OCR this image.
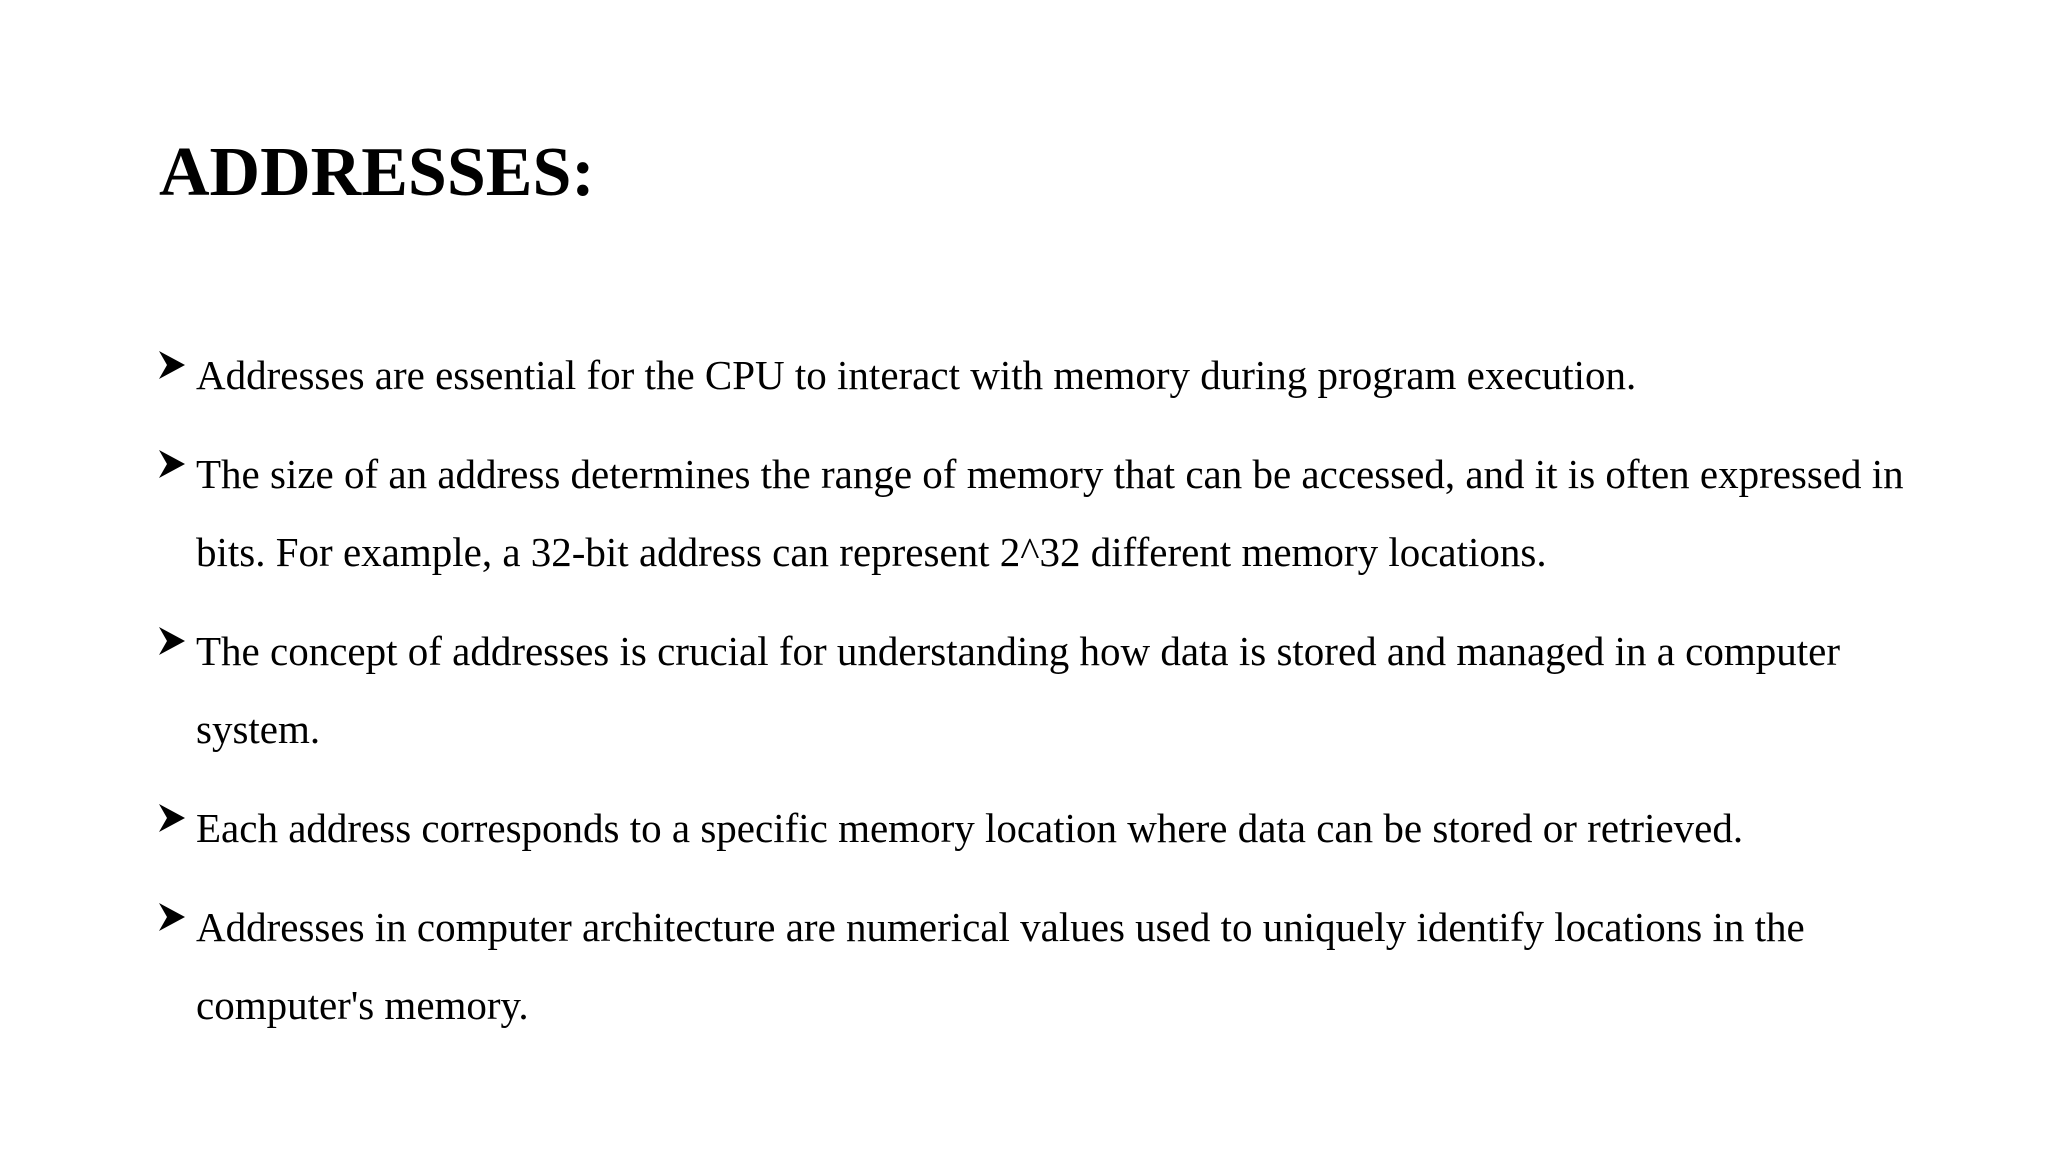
ADDRESSES:
Addresses are essential for the CPU to interact with memory during program execution.
The size of an address determines the range of memory that can be accessed, and it is often expressed in bits. For example, a 32-bit address can represent 2^32 different memory locations.
The concept of addresses is crucial for understanding how data is stored and managed in a computer system.
Each address corresponds to a specific memory location where data can be stored or retrieved.
Addresses in computer architecture are numerical values used to uniquely identify locations in the computer's memory.
